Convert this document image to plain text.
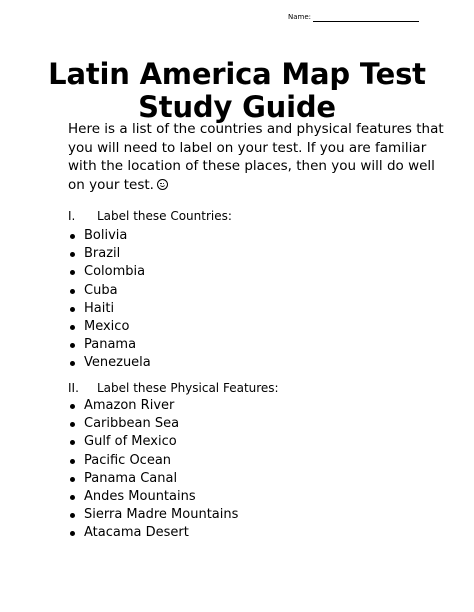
Name:
Latin America Map Test
Study Guide

Here is a list of the countries and physical features that

you will need to label on your test. If you are familiar

with the location of these places, then you will do well

on your test.

I. Label these Countries:
Bolivia
Brazil
Colombia
Cuba
Haiti
Mexico
Panama
Venezuela
II. Label these Physical Features:
Amazon River
Caribbean Sea
Gulf of Mexico
Pacific Ocean
Panama Canal
Andes Mountains
Sierra Madre Mountains
Atacama Desert
